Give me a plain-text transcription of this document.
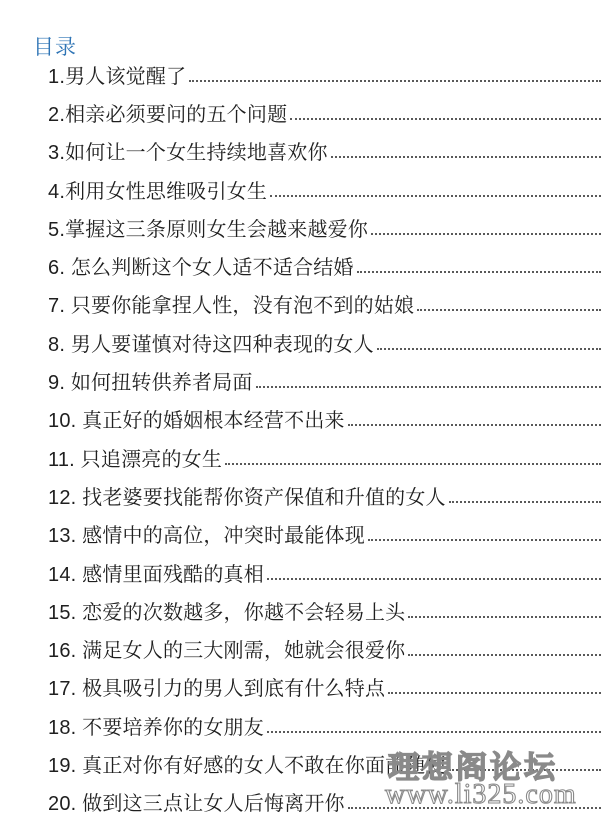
目录
1.男人该觉醒了
2.相亲必须要问的五个问题
3.如何让一个女生持续地喜欢你
4.利用女性思维吸引女生
5.掌握这三条原则女生会越来越爱你
6. 怎么判断这个女人适不适合结婚
7. 只要你能拿捏人性，没有泡不到的姑娘
8. 男人要谨慎对待这四种表现的女人
9. 如何扭转供养者局面
10. 真正好的婚姻根本经营不出来
11. 只追漂亮的女生
12. 找老婆要找能帮你资产保值和升值的女人
13. 感情中的高位，冲突时最能体现
14. 感情里面残酷的真相
15. 恋爱的次数越多，你越不会轻易上头
16. 满足女人的三大刚需，她就会很爱你
17. 极具吸引力的男人到底有什么特点
18. 不要培养你的女朋友
19. 真正对你有好感的女人不敢在你面前随便
20. 做到这三点让女人后悔离开你
理想阁论坛
www.li325.com
